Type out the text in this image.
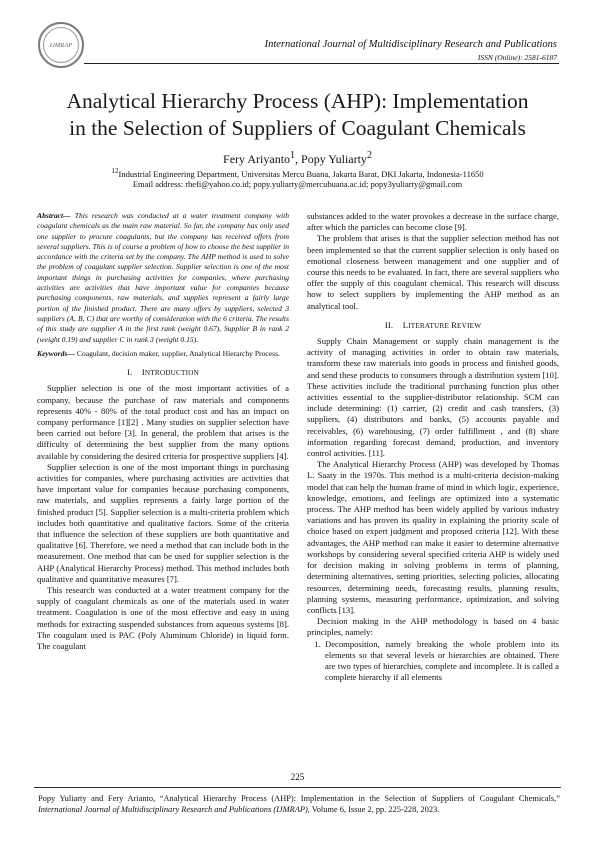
IJMRAP	International Journal of Multidisciplinary Research and Publications
ISSN (Online): 2581-6187
Analytical Hierarchy Process (AHP): Implementation
in the Selection of Suppliers of Coagulant Chemicals
Fery Ariyanto$^1$, Popy Yuliarty$^2$
$^{12}$Industrial Engineering Department, Universitas Mercu Buana, Jakarta Barat, DKI Jakarta, Indonesia-11650
Email address: rhefi@yahoo.co.id; popy.yuliarty@mercubuana.ac.id; popy3yuliarty@gmail.com

Abstract— This research was conducted at a water treatment company with coagulant chemicals as the main raw material. So far, the company has only used one supplier to procure coagulants, but the company has received offers from several suppliers. This is of course a problem of how to choose the best supplier in accordance with the criteria set by the company. The AHP method is used to solve the problem of coagulant supplier selection. Supplier selection is one of the most important things in purchasing activities for companies, where purchasing activities are activities that have important value for companies because purchasing components, raw materials, and supplies represent a fairly large portion of the finished product. There are many offers by suppliers, selected 3 suppliers (A, B, C) that are worthy of consideration with the 6 criteria. The results of this study are supplier A in the first rank (weight 0.67), Supplier B in rank 2 (weight 0.19) and supplier C in rank 3 (weight 0.15).

Keywords— Coagulant, decision maker, supplier, Analytical Hierarchy Process.

I. INTRODUCTION

Supplier selection is one of the most important activities of a company, because the purchase of raw materials and components represents 40% - 80% of the total product cost and has an impact on company performance [1][2] . Many studies on supplier selection have been carried out before [3]. In general, the problem that arises is the difficulty of determining the best supplier from the many options available by considering the desired criteria for prospective suppliers [4].

Supplier selection is one of the most important things in purchasing activities for companies, where purchasing activities are activities that have important value for companies because purchasing components, raw materials, and supplies represents a fairly large portion of the finished product [5]. Supplier selection is a multi-criteria problem which includes both quantitative and qualitative factors. Some of the criteria that influence the selection of these suppliers are both quantitative and qualitative [6]. Therefore, we need a method that can include both in the measurement. One method that can be used for supplier selection is the AHP (Analytical Hierarchy Process) method. This method includes both qualitative and quantitative measures [7].

This research was conducted at a water treatment company for the supply of coagulant chemicals as one of the materials used in water treatment. Coagulation is one of the most effective and easy in using methods for extracting suspended substances from aqueous systems [8]. The coagulant used is PAC (Poly Aluminum Chloride) in liquid form. The coagulant

substances added to the water provokes a decrease in the surface charge, after which the particles can become close [9].

The problem that arises is that the supplier selection method has not been implemented so that the current supplier selection is only based on emotional closeness between management and one supplier and of course this needs to be evaluated. In fact, there are several suppliers who offer the supply of this coagulant chemical. This research will discuss how to select suppliers by implementing the AHP method as an analytical tool.

II. LITERATURE REVIEW

Supply Chain Management or supply chain management is the activity of managing activities in order to obtain raw materials, transform these raw materials into goods in process and finished goods, and send these products to consumers through a distribution system [10]. These activities include the traditional purchasing function plus other activities essential to the supplier-distributor relationship. SCM can include determining: (1) carrier, (2) credit and cash transfers, (3) suppliers, (4) distributors and banks, (5) accounts payable and receivables, (6) warehousing, (7) order fulfillment , and (8) share information regarding forecast demand, production, and inventory control activities. [11].

The Analytical Hierarchy Process (AHP) was developed by Thomas L. Saaty in the 1970s. This method is a multi-criteria decision-making model that can help the human frame of mind in which logic, experience, knowledge, emotions, and feelings are optimized into a systematic process. The AHP method has been widely applied by various industry variations and has proven its quality in explaining the priority scale of choice based on expert judgment and proposed criteria [12]. With these advantages, the AHP method can make it easier to determine alternative workshops by considering several specified criteria AHP is widely used for decision making in solving problems in terms of planning, determining alternatives, setting priorities, selecting policies, allocating resources, determining needs, forecasting results, planning results, planning systems, measuring performance, optimization, and solving conflicts [13].

Decision making in the AHP methodology is based on 4 basic principles, namely:

1. Decomposition, namely breaking the whole problem into its elements so that several levels or hierarchies are obtained. There are two types of hierarchies, complete and incomplete. It is called a complete hierarchy if all elements
225
Popy Yuliarty and Fery Arianto, “Analytical Hierarchy Process (AHP): Implementation in the Selection of Suppliers of Coagulant Chemicals,” International Journal of Multidisciplinary Research and Publications (IJMRAP), Volume 6, Issue 2, pp. 225-228, 2023.
